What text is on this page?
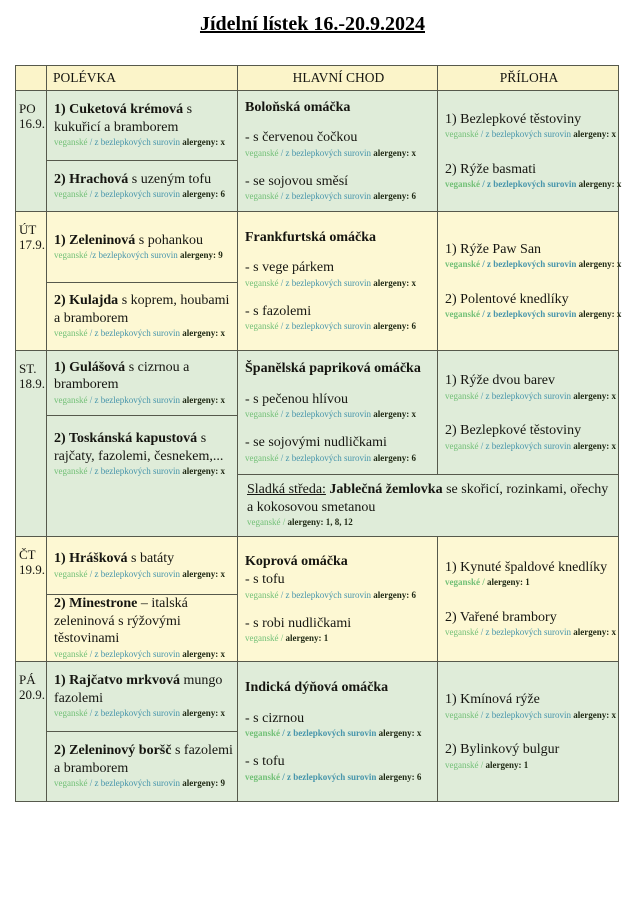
Jídelní lístek 16.-20.9.2024
POLÉVKA	HLAVNÍ CHOD	PŘÍLOHA
PO
16.9.

1) Cuketová krémová s kukuřicí a bramborem

veganské / z bezlepkových surovin alergeny: x

2) Hrachová s uzeným tofu

veganské / z bezlepkových surovin alergeny: 6

Boloňská omáčka

- s červenou čočkou

veganské / z bezlepkových surovin alergeny: x

- se sojovou směsí

veganské / z bezlepkových surovin alergeny: 6

1) Bezlepkové těstoviny

veganské / z bezlepkových surovin alergeny: x

2) Rýže basmati

veganské / z bezlepkových surovin alergeny: x

ÚT
17.9. 1) Zeleninová s pohankou

veganské /z bezlepkových surovin alergeny: 9

2) Kulajda s koprem, houbami a bramborem

veganské / z bezlepkových surovin alergeny: x

Frankfurtská omáčka

- s vege párkem

veganské / z bezlepkových surovin alergeny: x

- s fazolemi

veganské / z bezlepkových surovin alergeny: 6

1) Rýže Paw San

veganské / z bezlepkových surovin alergeny: x

2) Polentové knedlíky

veganské / z bezlepkových surovin alergeny: x

ST.
18.9.

1) Gulášová s cizrnou a bramborem

veganské / z bezlepkových surovin alergeny: x

2) Toskánská kapustová s rajčaty, fazolemi, česnekem,...

veganské / z bezlepkových surovin alergeny: x

Španělská papriková omáčka

- s pečenou hlívou

veganské / z bezlepkových surovin alergeny: x

- se sojovými nudličkami

veganské / z bezlepkových surovin alergeny: 6

1) Rýže dvou barev

veganské / z bezlepkových surovin alergeny: x

2) Bezlepkové těstoviny

veganské / z bezlepkových surovin alergeny: x

Sladká středa: Jablečná žemlovka se skořicí, rozinkami, ořechy a kokosovou smetanou

veganské / alergeny: 1, 8, 12

ČT
19.9.

1) Hrášková s batáty

veganské / z bezlepkových surovin alergeny: x

2) Minestrone – italská zeleninová s rýžovými těstovinami

veganské / z bezlepkových surovin alergeny: x

Koprová omáčka

- s tofu

veganské / z bezlepkových surovin alergeny: 6

- s robi nudličkami

veganské / alergeny: 1

1) Kynuté špaldové knedlíky

veganské / alergeny: 1

2) Vařené brambory

veganské / z bezlepkových surovin alergeny: x

PÁ
20.9.

1) Rajčatvo mrkvová mungo fazolemi

veganské / z bezlepkových surovin alergeny: x

2) Zeleninový boršč s fazolemi a bramborem

veganské / z bezlepkových surovin alergeny: 9

Indická dýňová omáčka

- s cizrnou

veganské / z bezlepkových surovin alergeny: x

- s tofu

veganské / z bezlepkových surovin alergeny: 6

1) Kmínová rýže

veganské / z bezlepkových surovin alergeny: x

2) Bylinkový bulgur

veganské / alergeny: 1
